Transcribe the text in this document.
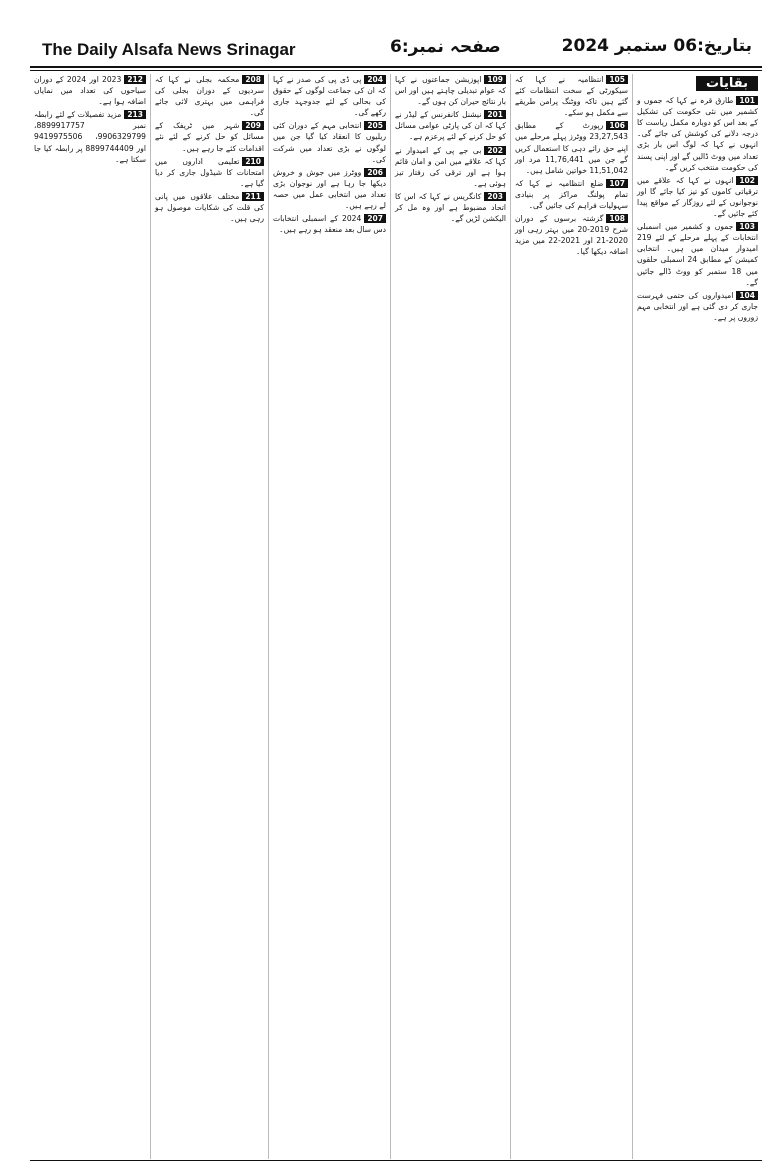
The Daily Alsafa News Srinagar	صفحہ نمبر:6	بتاریخ:06 ستمبر 2024
بقایات

101طارق قرہ نے کہا کہ جموں و کشمیر میں نئی حکومت کی تشکیل کے بعد اس کو دوبارہ مکمل ریاست کا درجہ دلانے کی کوشش کی جائے گی۔ انہوں نے کہا کہ لوگ اس بار بڑی تعداد میں ووٹ ڈالیں گے اور اپنی پسند کی حکومت منتخب کریں گے۔

102انہوں نے کہا کہ علاقے میں ترقیاتی کاموں کو تیز کیا جائے گا اور نوجوانوں کے لئے روزگار کے مواقع پیدا کئے جائیں گے۔

103جموں و کشمیر میں اسمبلی انتخابات کے پہلے مرحلے کے لئے 219 امیدوار میدان میں ہیں۔ انتخابی کمیشن کے مطابق 24 اسمبلی حلقوں میں 18 ستمبر کو ووٹ ڈالے جائیں گے۔

104امیدواروں کی حتمی فہرست جاری کر دی گئی ہے اور انتخابی مہم زوروں پر ہے۔

105انتظامیہ نے کہا کہ سیکورٹی کے سخت انتظامات کئے گئے ہیں تاکہ ووٹنگ پرامن طریقے سے مکمل ہو سکے۔

106رپورٹ کے مطابق 23,27,543 ووٹرز پہلے مرحلے میں اپنے حق رائے دہی کا استعمال کریں گے جن میں 11,76,441 مرد اور 11,51,042 خواتین شامل ہیں۔

107ضلع انتظامیہ نے کہا کہ تمام پولنگ مراکز پر بنیادی سہولیات فراہم کی جائیں گی۔

108گزشتہ برسوں کے دوران شرح 2019-20 میں بہتر رہی اور 2020-21 اور 2021-22 میں مزید اضافہ دیکھا گیا۔

109اپوزیشن جماعتوں نے کہا کہ عوام تبدیلی چاہتے ہیں اور اس بار نتائج حیران کن ہوں گے۔

201نیشنل کانفرنس کے لیڈر نے کہا کہ ان کی پارٹی عوامی مسائل کو حل کرنے کے لئے پرعزم ہے۔

202بی جے پی کے امیدوار نے کہا کہ علاقے میں امن و امان قائم ہوا ہے اور ترقی کی رفتار تیز ہوئی ہے۔

203کانگریس نے کہا کہ اس کا اتحاد مضبوط ہے اور وہ مل کر الیکشن لڑیں گے۔

204پی ڈی پی کی صدر نے کہا کہ ان کی جماعت لوگوں کے حقوق کی بحالی کے لئے جدوجہد جاری رکھے گی۔

205انتخابی مہم کے دوران کئی ریلیوں کا انعقاد کیا گیا جن میں لوگوں نے بڑی تعداد میں شرکت کی۔

206ووٹرز میں جوش و خروش دیکھا جا رہا ہے اور نوجوان بڑی تعداد میں انتخابی عمل میں حصہ لے رہے ہیں۔

2072024 کے اسمبلی انتخابات دس سال بعد منعقد ہو رہے ہیں۔

208محکمہ بجلی نے کہا کہ سردیوں کے دوران بجلی کی فراہمی میں بہتری لائی جائے گی۔

209شہر میں ٹریفک کے مسائل کو حل کرنے کے لئے نئے اقدامات کئے جا رہے ہیں۔

210تعلیمی اداروں میں امتحانات کا شیڈول جاری کر دیا گیا ہے۔

211مختلف علاقوں میں پانی کی قلت کی شکایات موصول ہو رہی ہیں۔

2122023 اور 2024 کے دوران سیاحوں کی تعداد میں نمایاں اضافہ ہوا ہے۔

213مزید تفصیلات کے لئے رابطہ نمبر 8899917757، 9906329799، 9419975506 اور 8899744409 پر رابطہ کیا جا سکتا ہے۔
